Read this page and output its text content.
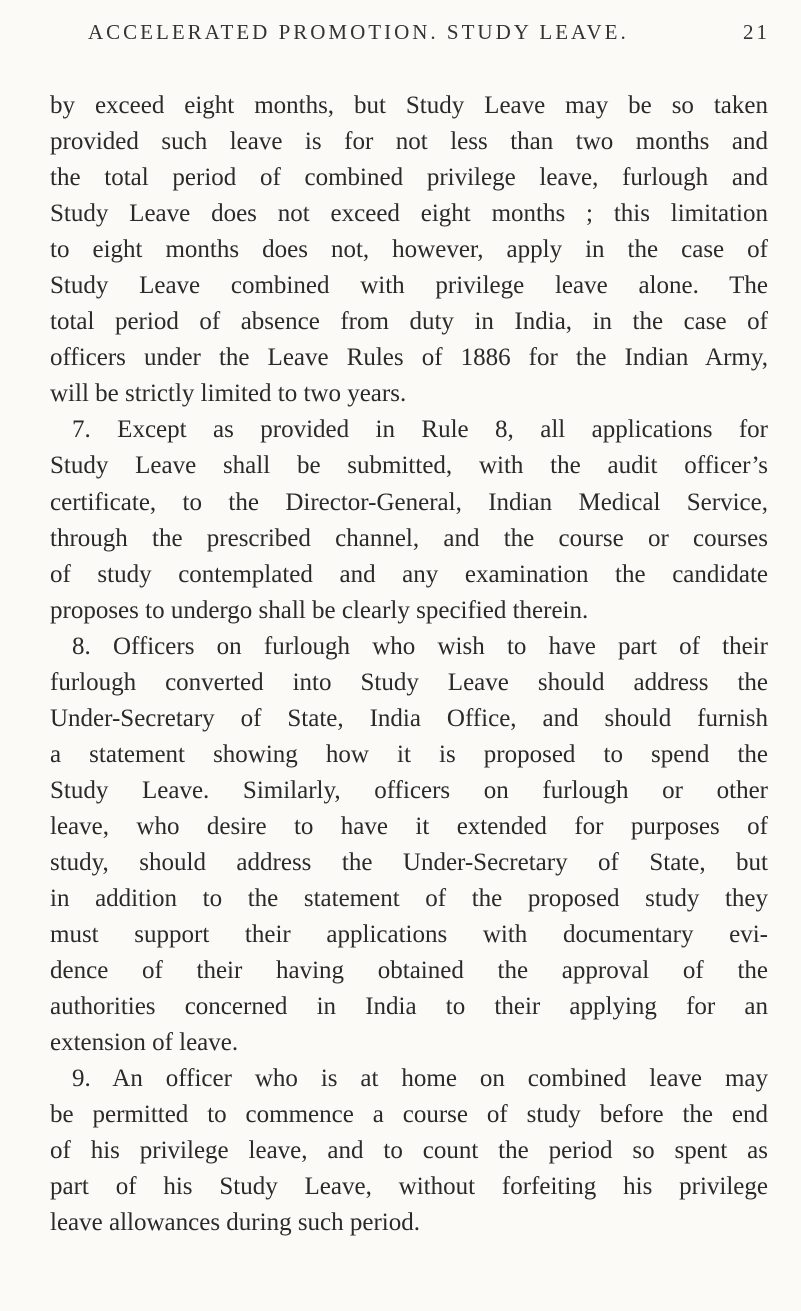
ACCELERATED PROMOTION. STUDY LEAVE.	21
by exceed eight months, but Study Leave may be so taken
provided such leave is for not less than two months and
the total period of combined privilege leave, furlough and
Study Leave does not exceed eight months ; this limitation
to eight months does not, however, apply in the case of
Study Leave combined with privilege leave alone. The
total period of absence from duty in India, in the case of
officers under the Leave Rules of 1886 for the Indian Army,
will be strictly limited to two years.
7. Except as provided in Rule 8, all applications for
Study Leave shall be submitted, with the audit officer’s
certificate, to the Director-General, Indian Medical Service,
through the prescribed channel, and the course or courses
of study contemplated and any examination the candidate
proposes to undergo shall be clearly specified therein.
8. Officers on furlough who wish to have part of their
furlough converted into Study Leave should address the
Under-Secretary of State, India Office, and should furnish
a statement showing how it is proposed to spend the
Study Leave. Similarly, officers on furlough or other
leave, who desire to have it extended for purposes of
study, should address the Under-Secretary of State, but
in addition to the statement of the proposed study they
must support their applications with documentary evi-
dence of their having obtained the approval of the
authorities concerned in India to their applying for an
extension of leave.
9. An officer who is at home on combined leave may
be permitted to commence a course of study before the end
of his privilege leave, and to count the period so spent as
part of his Study Leave, without forfeiting his privilege
leave allowances during such period.
